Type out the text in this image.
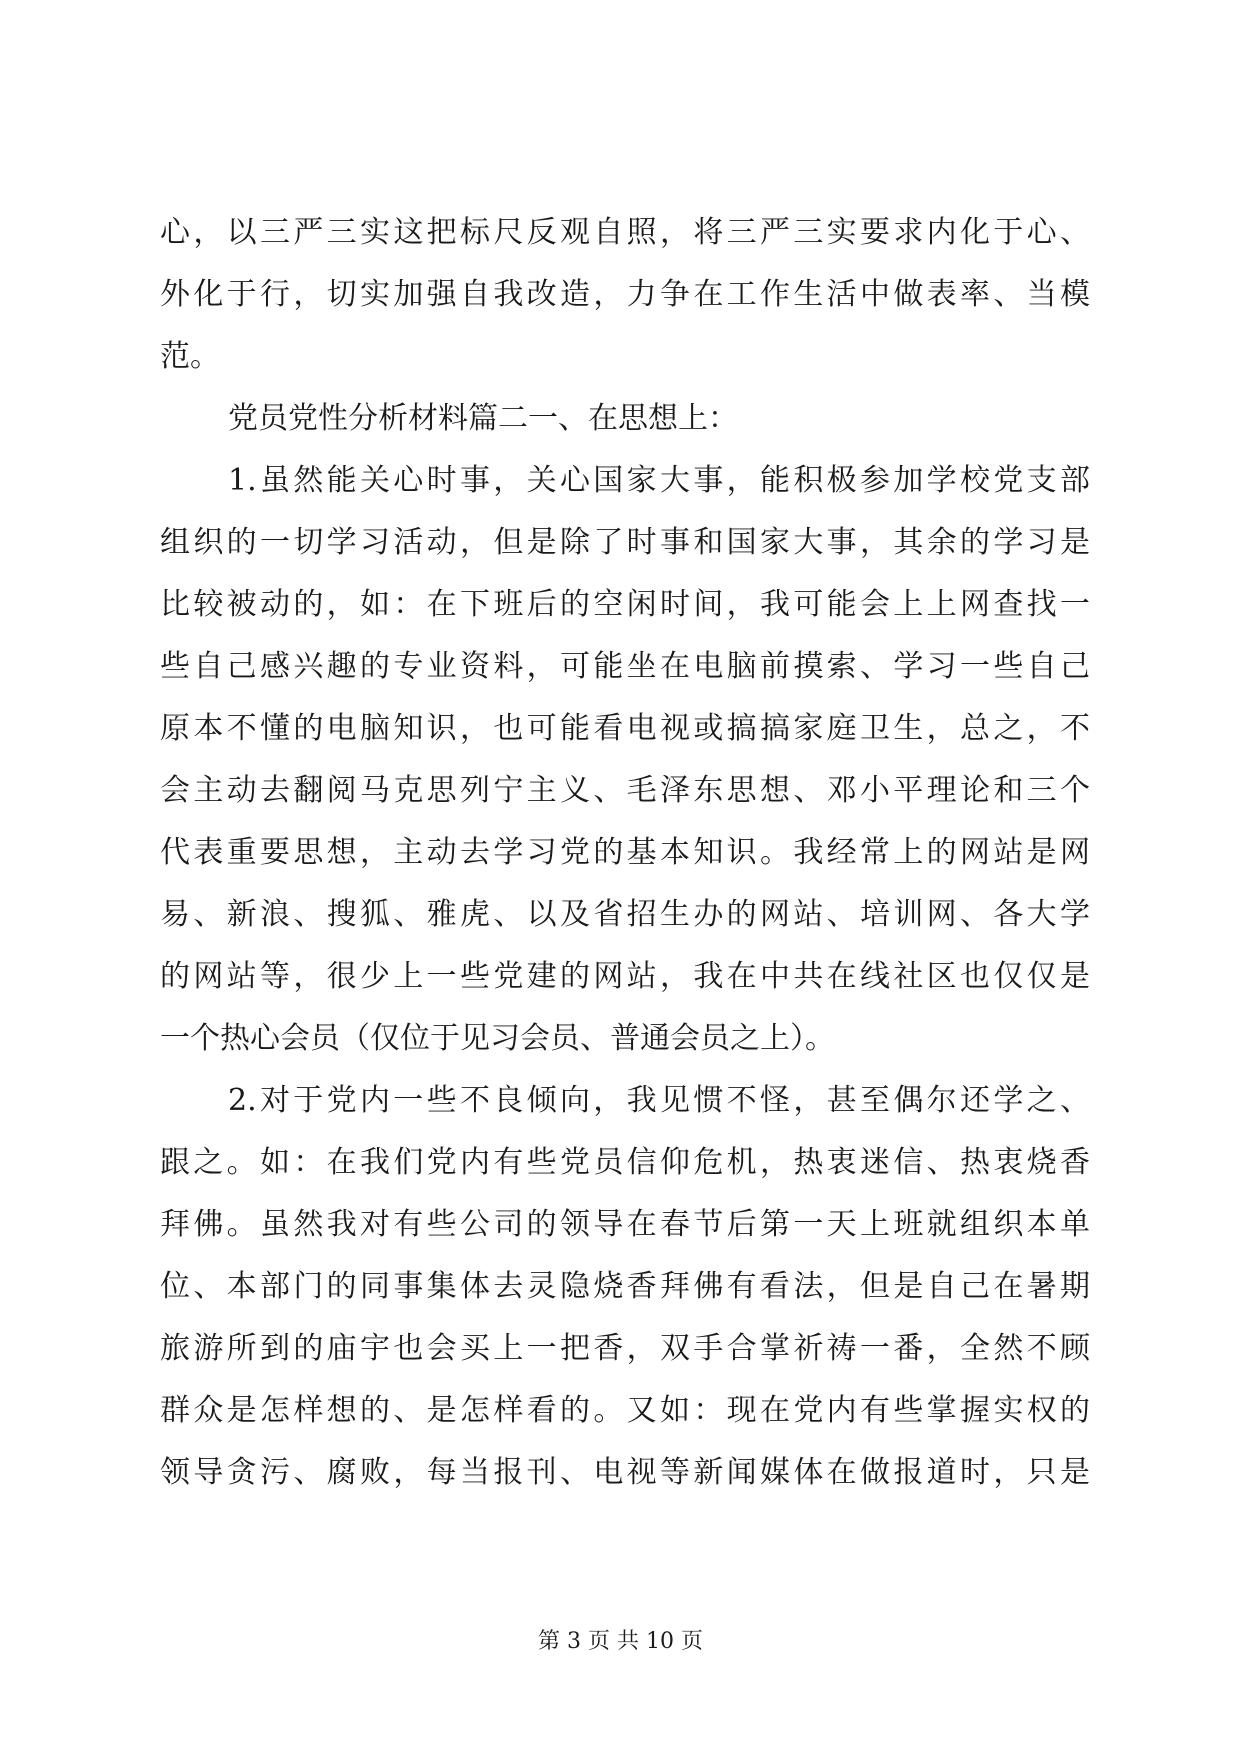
心，以三严三实这把标尺反观自照，将三严三实要求内化于心、
外化于行，切实加强自我改造，力争在工作生活中做表率、当模
范。
党员党性分析材料篇二一、在思想上：
1.虽然能关心时事，关心国家大事，能积极参加学校党支部
组织的一切学习活动，但是除了时事和国家大事，其余的学习是
比较被动的，如：在下班后的空闲时间，我可能会上上网查找一
些自己感兴趣的专业资料，可能坐在电脑前摸索、学习一些自己
原本不懂的电脑知识，也可能看电视或搞搞家庭卫生，总之，不
会主动去翻阅马克思列宁主义、毛泽东思想、邓小平理论和三个
代表重要思想，主动去学习党的基本知识。我经常上的网站是网
易、新浪、搜狐、雅虎、以及省招生办的网站、培训网、各大学
的网站等，很少上一些党建的网站，我在中共在线社区也仅仅是
一个热心会员（仅位于见习会员、普通会员之上）。
2.对于党内一些不良倾向，我见惯不怪，甚至偶尔还学之、
跟之。如：在我们党内有些党员信仰危机，热衷迷信、热衷烧香
拜佛。虽然我对有些公司的领导在春节后第一天上班就组织本单
位、本部门的同事集体去灵隐烧香拜佛有看法，但是自己在暑期
旅游所到的庙宇也会买上一把香，双手合掌祈祷一番，全然不顾
群众是怎样想的、是怎样看的。又如：现在党内有些掌握实权的
领导贪污、腐败，每当报刊、电视等新闻媒体在做报道时，只是
第 3 页 共 10 页
